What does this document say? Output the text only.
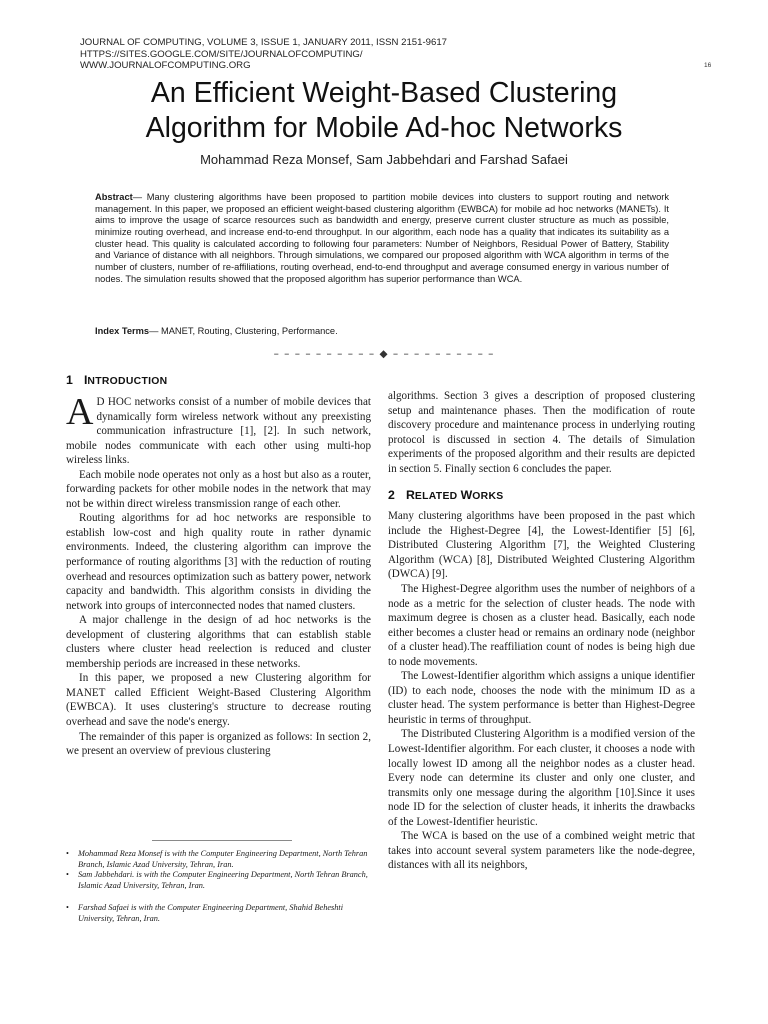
JOURNAL OF COMPUTING, VOLUME 3, ISSUE 1, JANUARY 2011, ISSN 2151-9617
HTTPS://SITES.GOOGLE.COM/SITE/JOURNALOFCOMPUTING/
WWW.JOURNALOFCOMPUTING.ORG	16
An Efficient Weight-Based Clustering
Algorithm for Mobile Ad-hoc Networks
Mohammad Reza Monsef, Sam Jabbehdari and Farshad Safaei
Abstract— Many clustering algorithms have been proposed to partition mobile devices into clusters to support routing and network management. In this paper, we proposed an efficient weight-based clustering algorithm (EWBCA) for mobile ad hoc networks (MANETs). It aims to improve the usage of scarce resources such as bandwidth and energy, preserve current cluster structure as much as possible, minimize routing overhead, and increase end-to-end throughput. In our algorithm, each node has a quality that indicates its suitability as a cluster head. This quality is calculated according to following four parameters: Number of Neighbors, Residual Power of Battery, Stability and Variance of distance with all neighbors. Through simulations, we compared our proposed algorithm with WCA algorithm in terms of the number of clusters, number of re-affiliations, routing overhead, end-to-end throughput and average consumed energy in various number of nodes. The simulation results showed that the proposed algorithm has superior performance than WCA.
Index Terms— MANET, Routing, Clustering, Performance.
– – – – – – – – – – ◆ – – – – – – – – – –
1 INTRODUCTION

A D HOC networks consist of a number of mobile devices that dynamically form wireless network without any preexisting communication infrastructure [1], [2]. In such network, mobile nodes communicate with each other using multi-hop wireless links.

Each mobile node operates not only as a host but also as a router, forwarding packets for other mobile nodes in the network that may not be within direct wireless transmission range of each other.

Routing algorithms for ad hoc networks are responsible to establish low-cost and high quality route in rather dynamic environments. Indeed, the clustering algorithm can improve the performance of routing algorithms [3] with the reduction of routing overhead and resources optimization such as battery power, network capacity and bandwidth. This algorithm consists in dividing the network into groups of interconnected nodes that named clusters.

A major challenge in the design of ad hoc networks is the development of clustering algorithms that can establish stable clusters where cluster head reelection is reduced and cluster membership periods are increased in these networks.

In this paper, we proposed a new Clustering algorithm for MANET called Efficient Weight-Based Clustering Algorithm (EWBCA). It uses clustering's structure to decrease routing overhead and save the node's energy.

The remainder of this paper is organized as follows: In section 2, we present an overview of previous clustering

• Mohammad Reza Monsef is with the Computer Engineering Department, North Tehran Branch, Islamic Azad University, Tehran, Iran.
• Sam Jabbehdari. is with the Computer Engineering Department, North Tehran Branch, Islamic Azad University, Tehran, Iran.
• Farshad Safaei is with the Computer Engineering Department, Shahid Beheshti University, Tehran, Iran.

algorithms. Section 3 gives a description of proposed clustering setup and maintenance phases. Then the modification of route discovery procedure and maintenance process in underlying routing protocol is discussed in section 4. The details of Simulation experiments of the proposed algorithm and their results are depicted in section 5. Finally section 6 concludes the paper.

2 RELATED WORKS

Many clustering algorithms have been proposed in the past which include the Highest-Degree [4], the Lowest-Identifier [5] [6], Distributed Clustering Algorithm [7], the Weighted Clustering Algorithm (WCA) [8], Distributed Weighted Clustering Algorithm (DWCA) [9].

The Highest-Degree algorithm uses the number of neighbors of a node as a metric for the selection of cluster heads. The node with maximum degree is chosen as a cluster head. Basically, each node either becomes a cluster head or remains an ordinary node (neighbor of a cluster head).The reaffiliation count of nodes is being high due to node movements.

The Lowest-Identifier algorithm which assigns a unique identifier (ID) to each node, chooses the node with the minimum ID as a cluster head. The system performance is better than Highest-Degree heuristic in terms of throughput.

The Distributed Clustering Algorithm is a modified version of the Lowest-Identifier algorithm. For each cluster, it chooses a node with locally lowest ID among all the neighbor nodes as a cluster head. Every node can determine its cluster and only one cluster, and transmits only one message during the algorithm [10].Since it uses node ID for the selection of cluster heads, it inherits the drawbacks of the Lowest-Identifier heuristic.

The WCA is based on the use of a combined weight metric that takes into account several system parameters like the node-degree, distances with all its neighbors,
